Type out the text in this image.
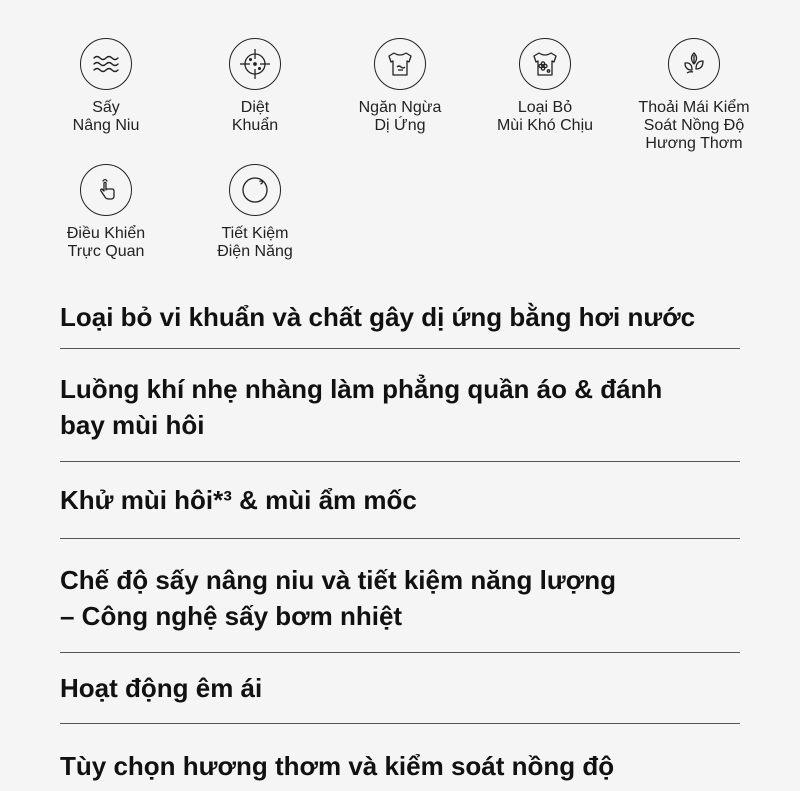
Sấy
Nâng Niu
Diệt
Khuẩn
Ngăn Ngừa
Dị Ứng
Loại Bỏ
Mùi Khó Chịu
Thoải Mái Kiểm
Soát Nồng Độ
Hương Thơm
Điều Khiển
Trực Quan
Tiết Kiệm
Điện Năng
Loại bỏ vi khuẩn và chất gây dị ứng bằng hơi nước
Luồng khí nhẹ nhàng làm phẳng quần áo & đánh
bay mùi hôi
Khử mùi hôi*³ & mùi ẩm mốc
Chế độ sấy nâng niu và tiết kiệm năng lượng
– Công nghệ sấy bơm nhiệt
Hoạt động êm ái
Tùy chọn hương thơm và kiểm soát nồng độ
